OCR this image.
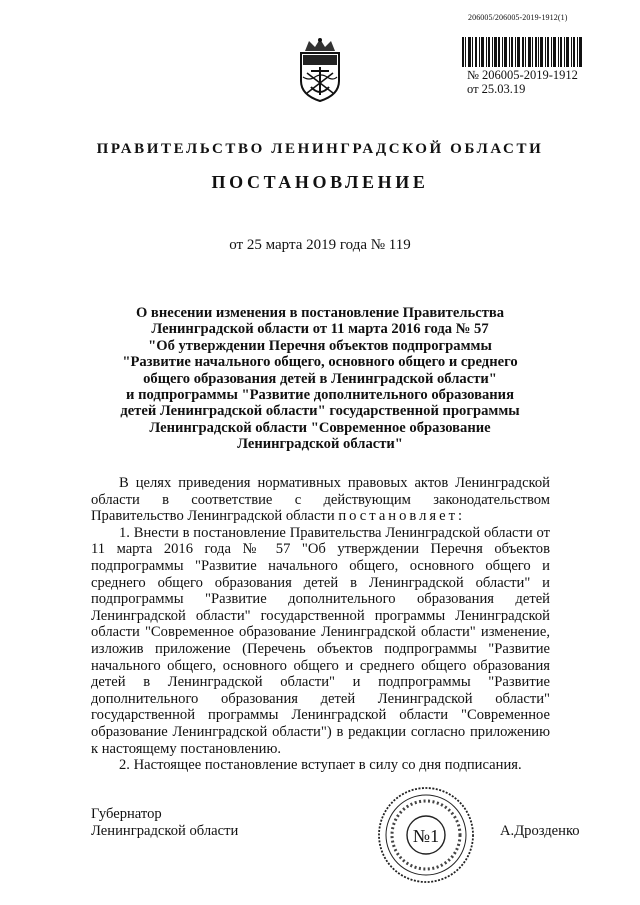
206005/206005-2019-1912(1)
№ 206005-2019-1912
от 25.03.19
ПРАВИТЕЛЬСТВО ЛЕНИНГРАДСКОЙ ОБЛАСТИ
ПОСТАНОВЛЕНИЕ
от 25 марта 2019 года № 119
О внесении изменения в постановление Правительства
Ленинградской области от 11 марта 2016 года № 57
"Об утверждении Перечня объектов подпрограммы
"Развитие начального общего, основного общего и среднего
общего образования детей в Ленинградской области"
и подпрограммы "Развитие дополнительного образования
детей Ленинградской области" государственной программы
Ленинградской области "Современное образование
Ленинградской области"

В целях приведения нормативных правовых актов Ленинградской области в соответствие с действующим законодательством Правительство Ленинградской области постановляет:

1. Внести в постановление Правительства Ленинградской области от 11 марта 2016 года № 57 "Об утверждении Перечня объектов подпрограммы "Развитие начального общего, основного общего и среднего общего образования детей в Ленинградской области" и подпрограммы "Развитие дополнительного образования детей Ленинградской области" государственной программы Ленинградской области "Современное образование Ленинградской области" изменение, изложив приложение (Перечень объектов подпрограммы "Развитие начального общего, основного общего и среднего общего образования детей в Ленинградской области" и подпрограммы "Развитие дополнительного образования детей Ленинградской области" государственной программы Ленинградской области "Современное образование Ленинградской области") в редакции согласно приложению к настоящему постановлению.

2. Настоящее постановление вступает в силу со дня подписания.

Губернатор
Ленинградской области	№1	А.Дрозденко
